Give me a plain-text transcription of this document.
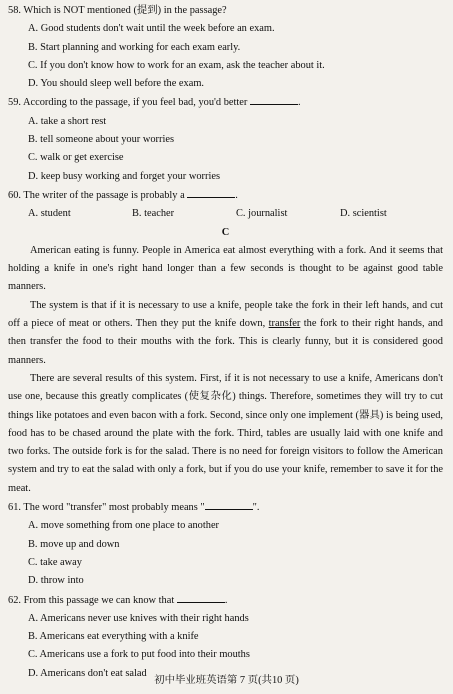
58. Which is NOT mentioned (提到) in the passage?

A. Good students don't wait until the week before an exam.

B. Start planning and working for each exam early.

C. If you don't know how to work for an exam, ask the teacher about it.

D. You should sleep well before the exam.

59. According to the passage, if you feel bad, you'd better	.

A. take a short rest

B. tell someone about your worries

C. walk or get exercise

D. keep busy working and forget your worries

60. The writer of the passage is probably a	.

A. student	B. teacher	C. journalist	D. scientist

C

American eating is funny. People in America eat almost everything with a fork. And it seems that holding a knife in one's right hand longer than a few seconds is thought to be against good table manners.

The system is that if it is necessary to use a knife, people take the fork in their left hands, and cut off a piece of meat or others. Then they put the knife down, transfer the fork to their right hands, and then transfer the food to their mouths with the fork. This is clearly funny, but it is considered good manners.

There are several results of this system. First, if it is not necessary to use a knife, Americans don't use one, because this greatly complicates (使复杂化) things. Therefore, sometimes they will try to cut things like potatoes and even bacon with a fork. Second, since only one implement (器具) is being used, food has to be chased around the plate with the fork. Third, tables are usually laid with one knife and two forks. The outside fork is for the salad. There is no need for foreign visitors to follow the American system and try to eat the salad with only a fork, but if you do use your knife, remember to save it for the meat.

61. The word "transfer" most probably means "	".

A. move something from one place to another

B. move up and down

C. take away

D. throw into

62. From this passage we can know that	.

A. Americans never use knives with their right hands

B. Americans eat everything with a knife

C. Americans use a fork to put food into their mouths

D. Americans don't eat salad

初中毕业班英语第 7 页(共10 页)
